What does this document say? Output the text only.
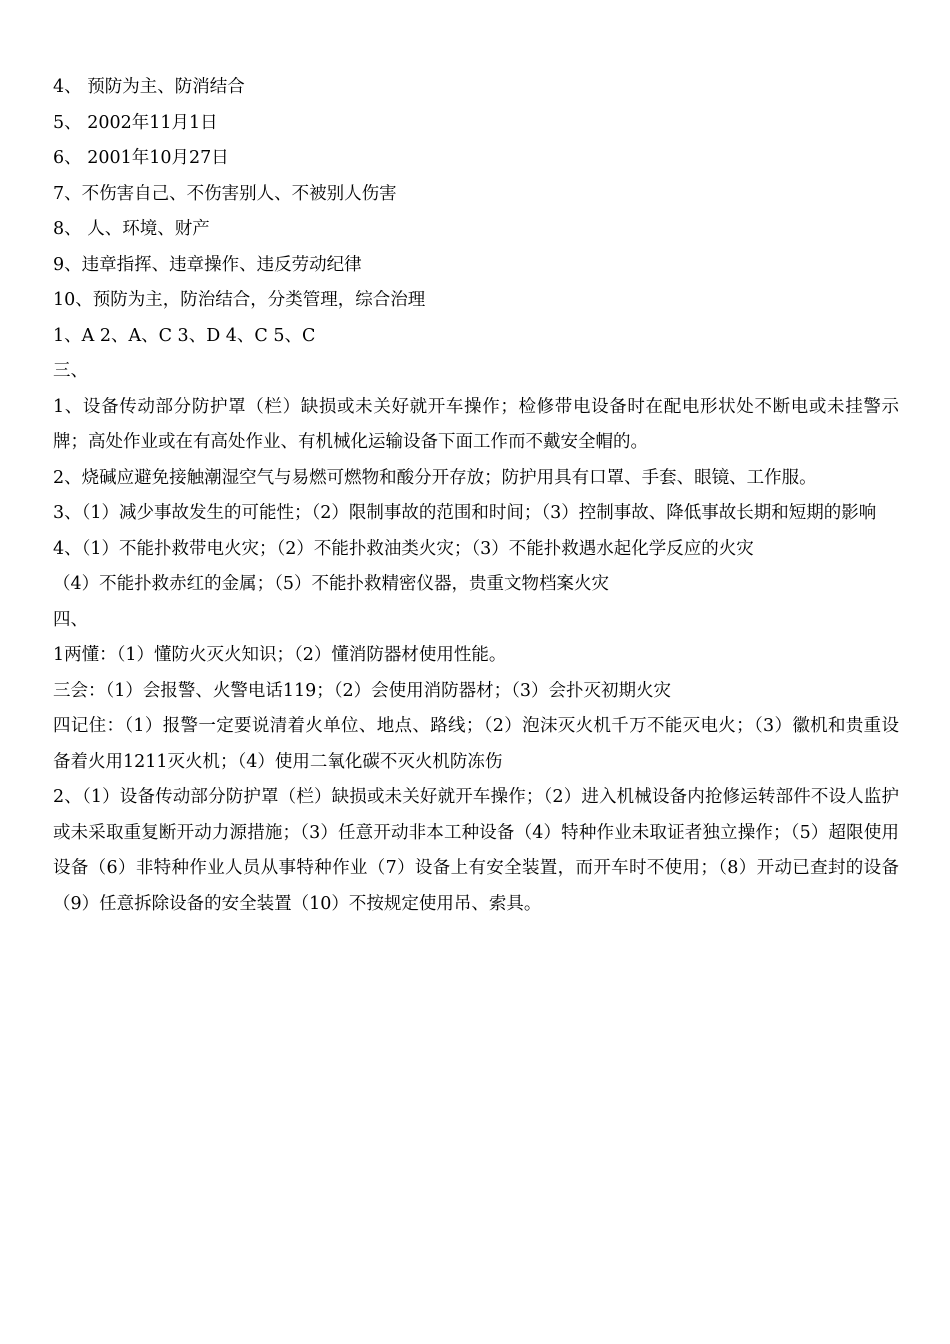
4、 预防为主、防消结合

5、 2002年11月1日

6、 2001年10月27日

7、不伤害自己、不伤害别人、不被别人伤害

8、 人、环境、财产

9、违章指挥、违章操作、违反劳动纪律

10、预防为主，防治结合，分类管理，综合治理

1、A 2、A、C 3、D 4、C 5、C

三、

1、设备传动部分防护罩（栏）缺损或未关好就开车操作；检修带电设备时在配电形状处不断电或未挂警示牌；高处作业或在有高处作业、有机械化运输设备下面工作而不戴安全帽的。

2、烧碱应避免接触潮湿空气与易燃可燃物和酸分开存放；防护用具有口罩、手套、眼镜、工作服。

3、（1）减少事故发生的可能性；（2）限制事故的范围和时间；（3）控制事故、降低事故长期和短期的影响

4、（1）不能扑救带电火灾；（2）不能扑救油类火灾；（3）不能扑救遇水起化学反应的火灾

（4）不能扑救赤红的金属；（5）不能扑救精密仪器，贵重文物档案火灾

四、

1两懂：（1）懂防火灭火知识；（2）懂消防器材使用性能。

三会：（1）会报警、火警电话119；（2）会使用消防器材；（3）会扑灭初期火灾

四记住：（1）报警一定要说清着火单位、地点、路线；（2）泡沫灭火机千万不能灭电火；（3）徽机和贵重设备着火用1211灭火机；（4）使用二氧化碳不灭火机防冻伤

2、（1）设备传动部分防护罩（栏）缺损或未关好就开车操作；（2）进入机械设备内抢修运转部件不设人监护或未采取重复断开动力源措施；（3）任意开动非本工种设备（4）特种作业未取证者独立操作；（5）超限使用设备（6）非特种作业人员从事特种作业（7）设备上有安全装置，而开车时不使用；（8）开动已查封的设备（9）任意拆除设备的安全装置（10）不按规定使用吊、索具。
